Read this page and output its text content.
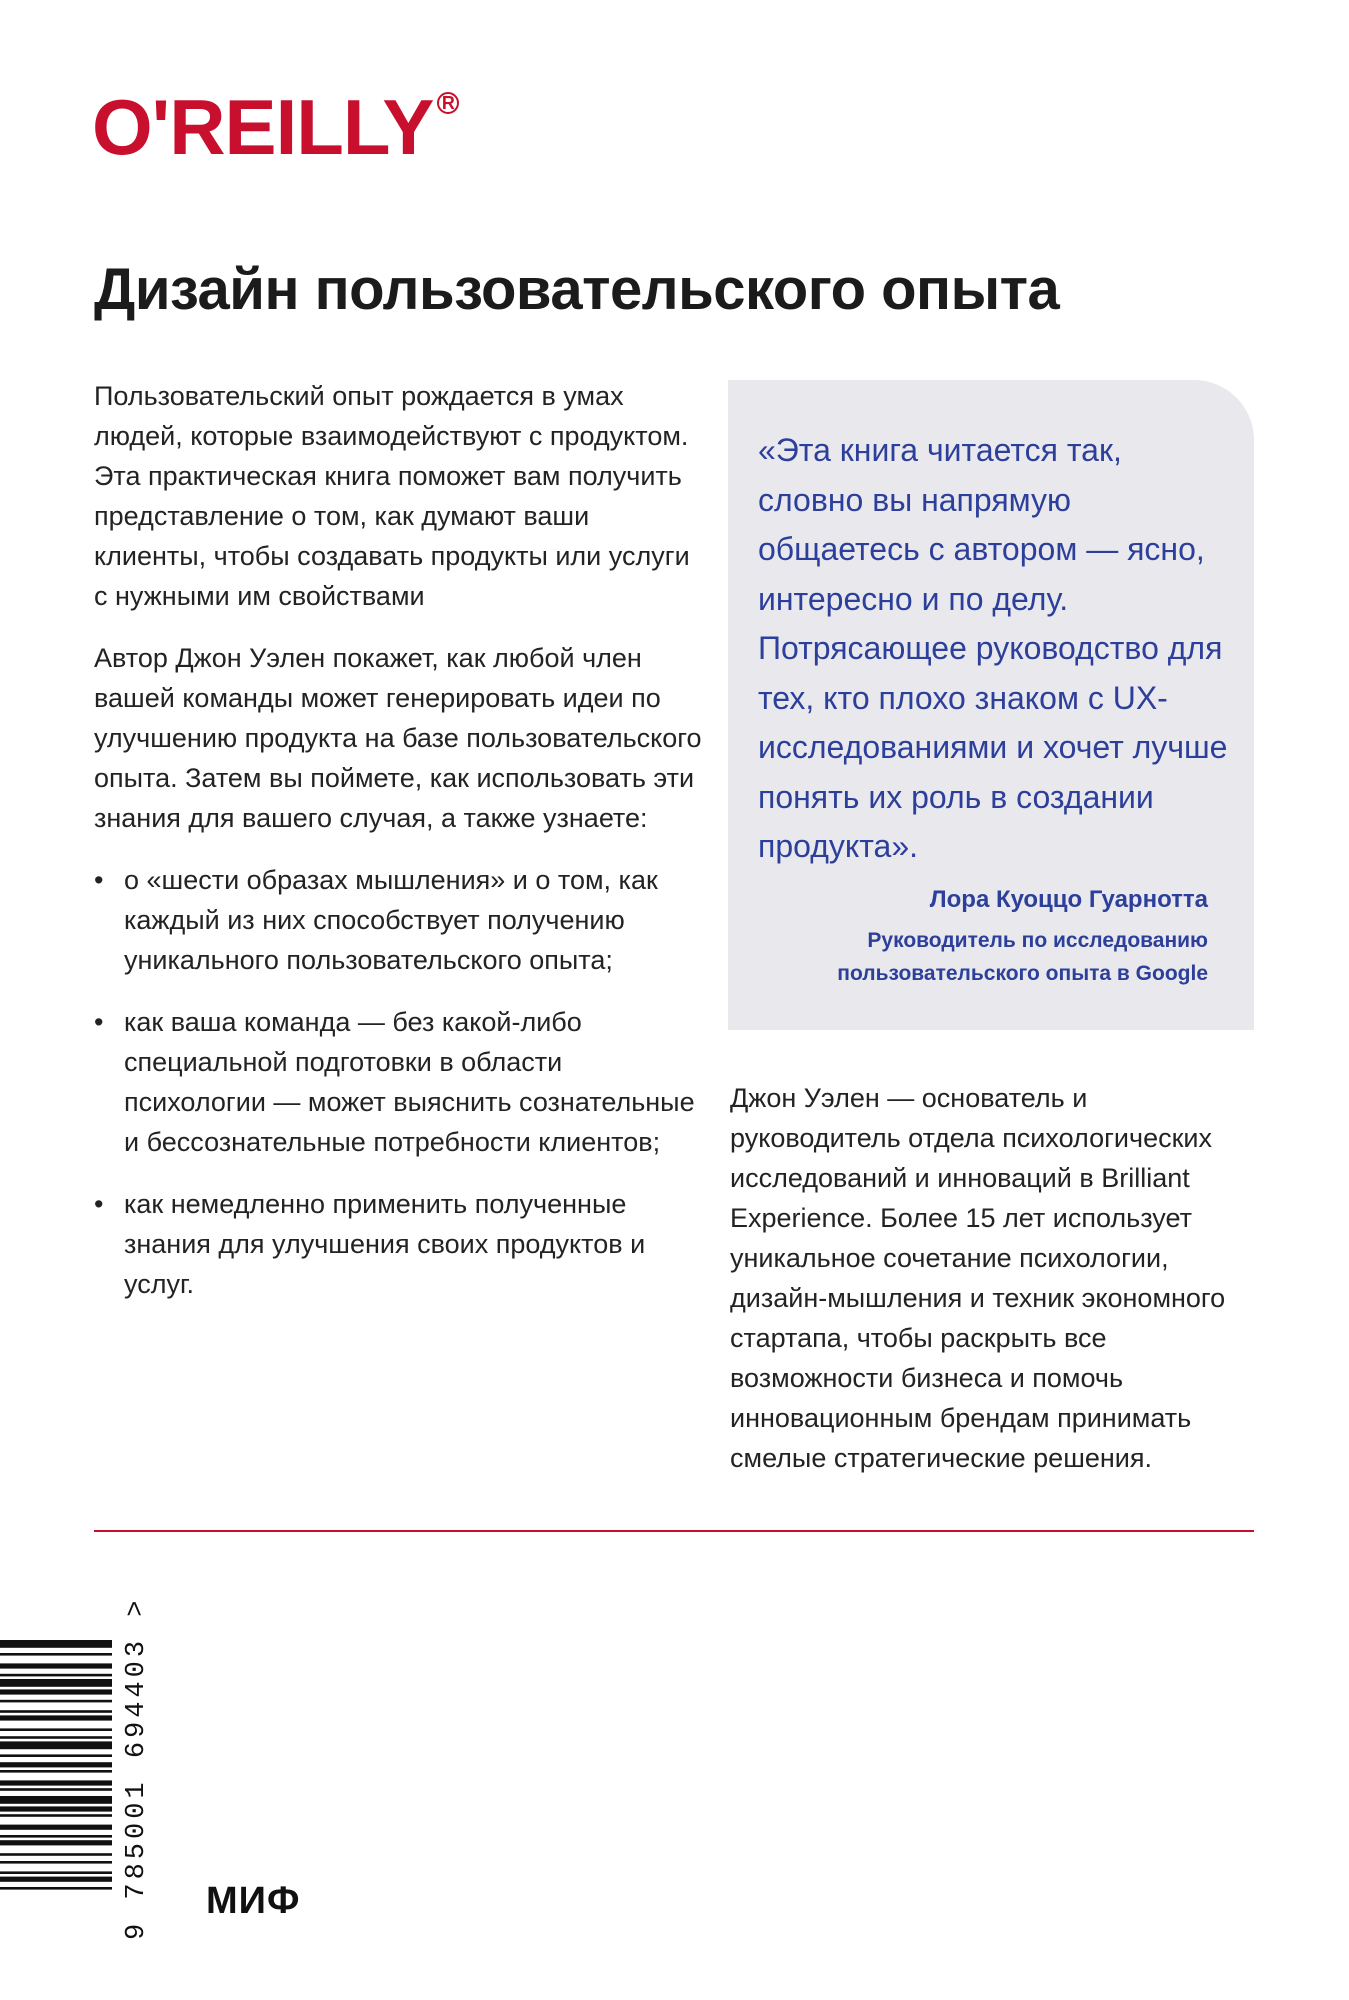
O'REILLY R
Дизайн пользовательского опыта

Пользовательский опыт рождается в умах людей, которые взаимодействуют с продуктом. Эта практическая книга поможет вам получить представление о том, как думают ваши клиенты, чтобы создавать продукты или услуги с нужными им свойствами

Автор Джон Уэлен покажет, как любой член вашей команды может генерировать идеи по улучшению продукта на базе пользовательского опыта. Затем вы поймете, как использовать эти знания для вашего случая, а также узнаете:

• о «шести образах мышления» и о том, как каждый из них способствует получению уникального пользовательского опыта;
• как ваша команда — без какой-либо специальной подготовки в области психологии — может выяснить сознательные и бессознательные потребности клиентов;
• как немедленно применить полученные знания для улучшения своих продуктов и услуг.
«Эта книга читается так, словно вы напрямую общаетесь с автором — ясно, интересно и по делу. Потрясающее руководство для тех, кто плохо знаком с UX-исследованиями и хочет лучше понять их роль в создании продукта».
Лора Куоццо Гуарнотта
Руководитель по исследованию
пользовательского опыта в Google
Джон Уэлен — основатель и руководитель отдела психологических исследований и инноваций в Brilliant Experience. Более 15 лет использует уникальное сочетание психологии, дизайн-мышления и техник экономного стартапа, чтобы раскрыть все возможности бизнеса и помочь инновационным брендам принимать смелые стратегические решения.
9 785001 694403 > МИФ
